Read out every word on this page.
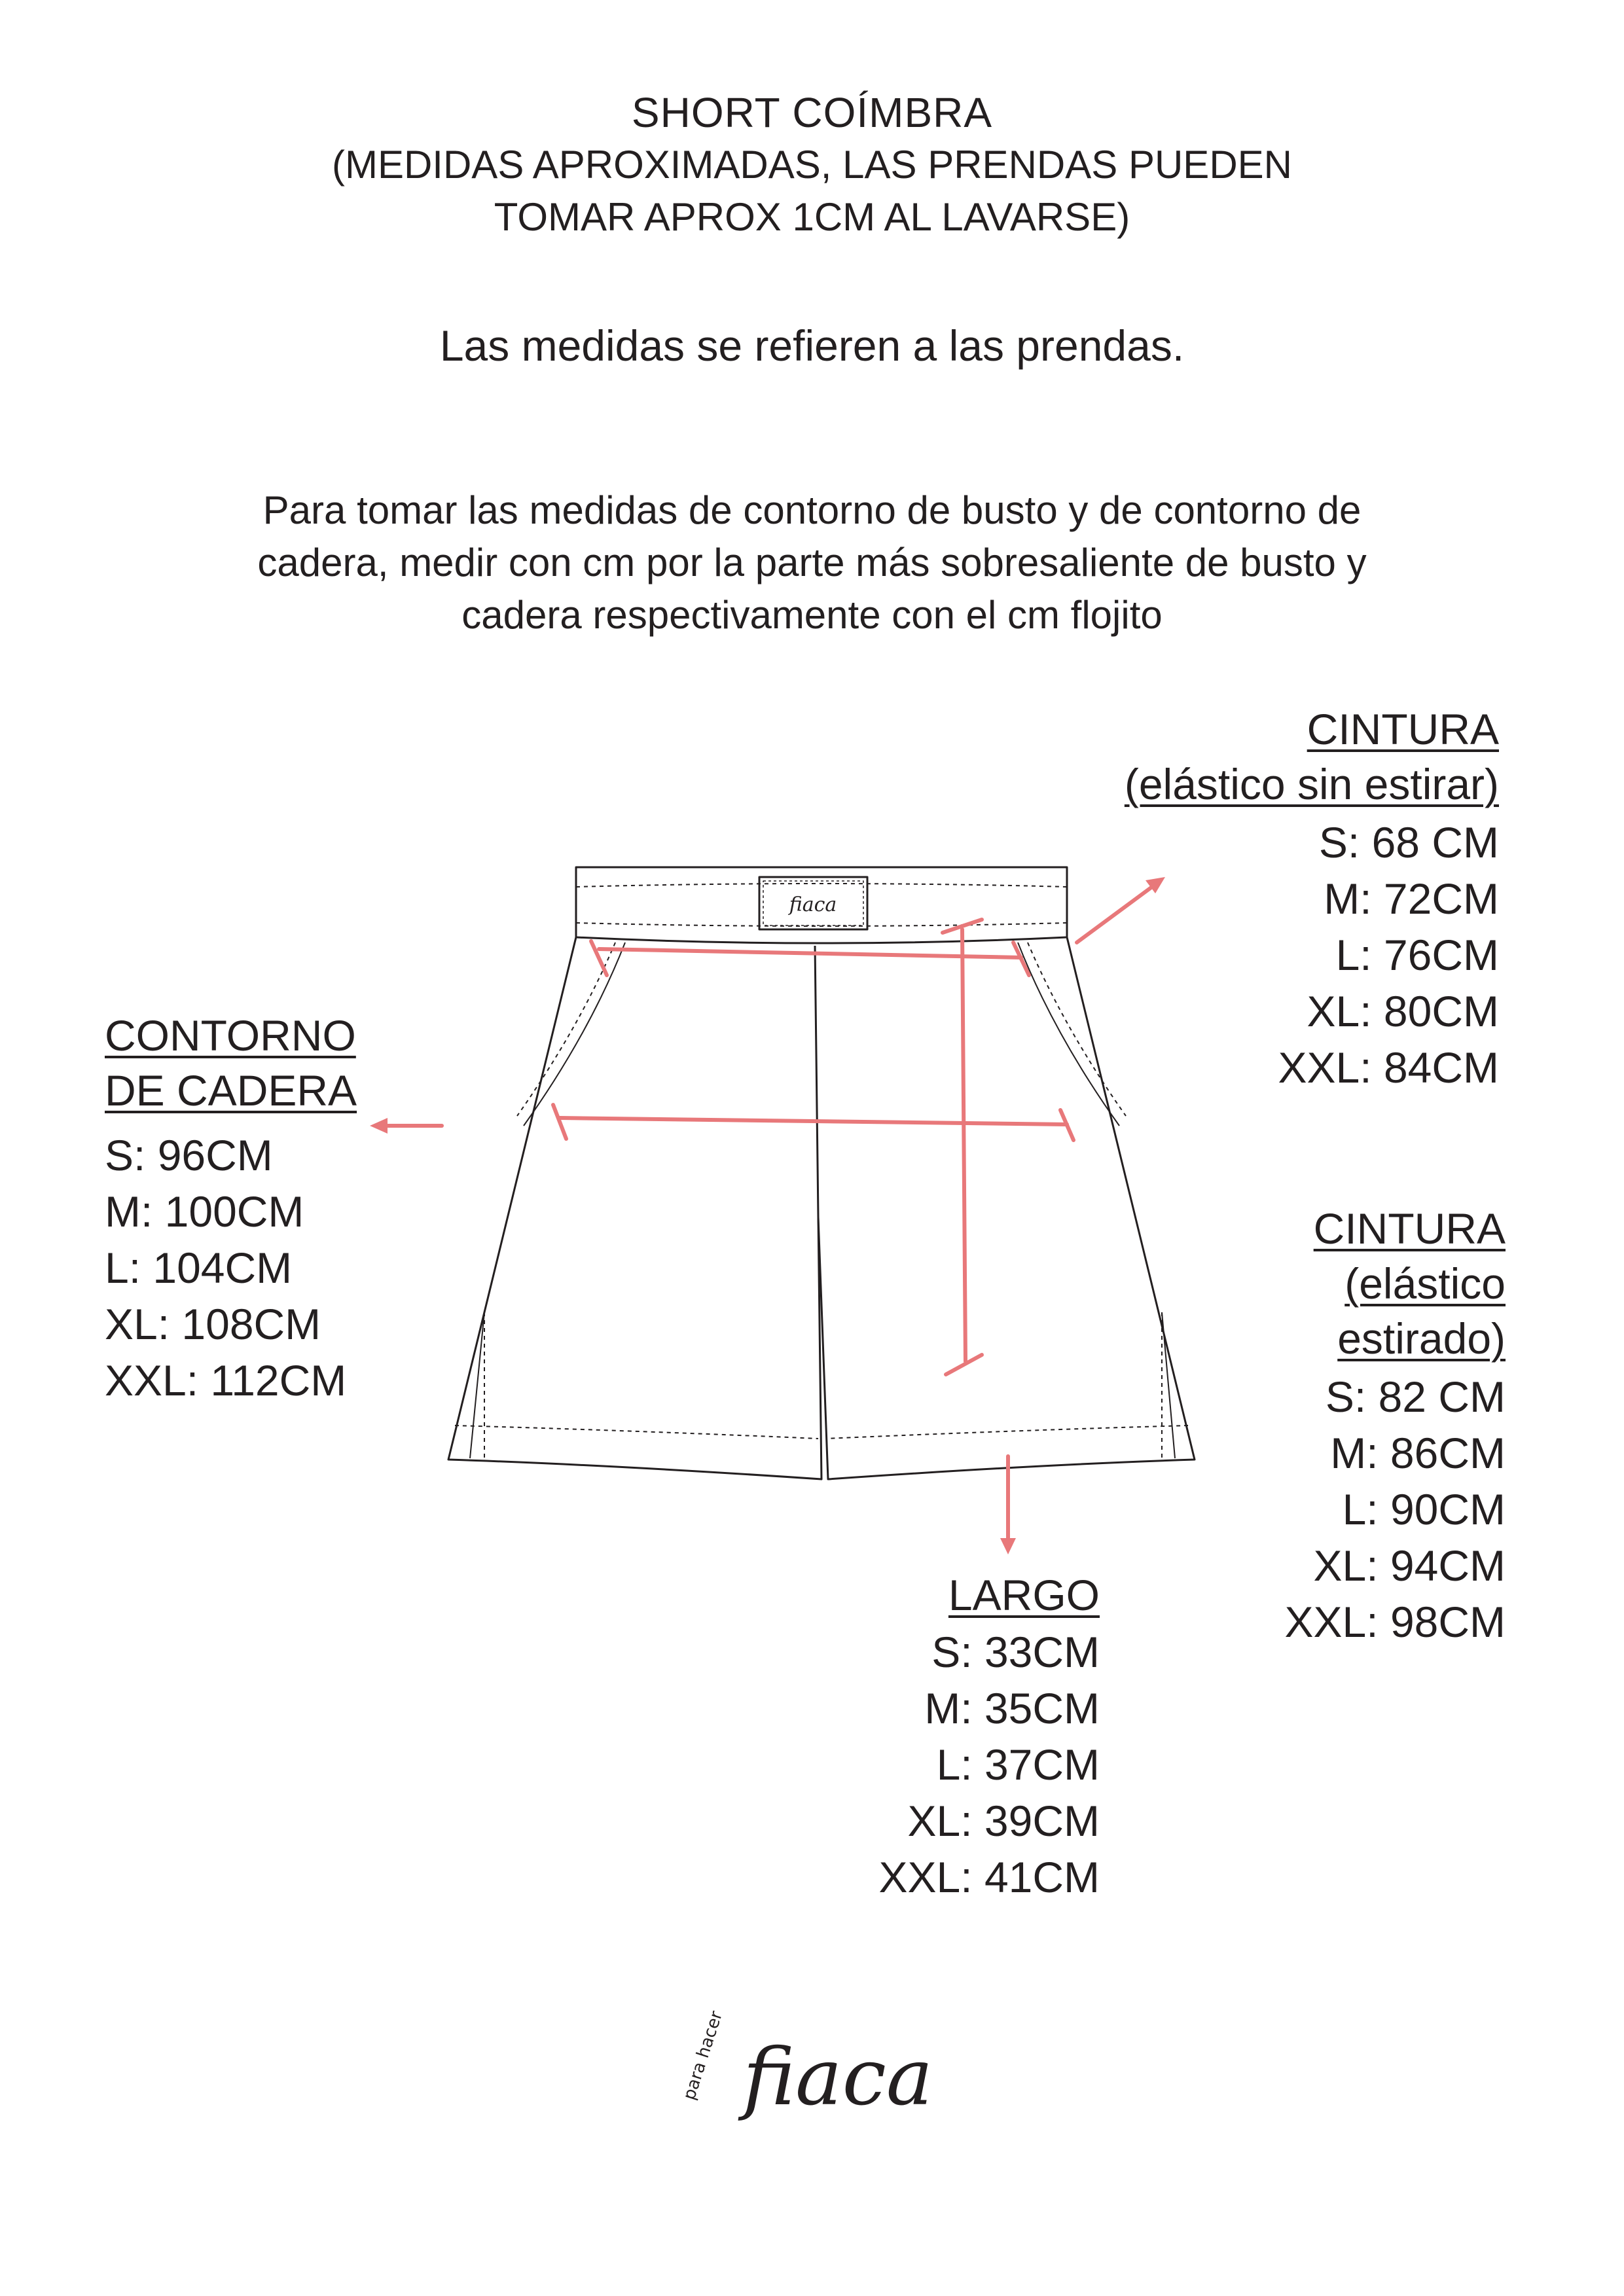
SHORT COÍMBRA
(MEDIDAS APROXIMADAS, LAS PRENDAS PUEDEN
TOMAR APROX 1CM AL LAVARSE)
Las medidas se refieren a las prendas.
Para tomar las medidas de contorno de busto y de contorno de
cadera, medir con cm por la parte más sobresaliente de busto y
cadera respectivamente con el cm flojito
fiaca
para hacer fiaca
CINTURA
(elástico sin estirar)
S: 68 CM
M: 72CM
L: 76CM
XL: 80CM
XXL: 84CM
CONTORNO
DE CADERA
S: 96CM
M: 100CM
L: 104CM
XL: 108CM
XXL: 112CM
CINTURA
(elástico
estirado)
S: 82 CM
M: 86CM
L: 90CM
XL: 94CM
XXL: 98CM
LARGO
S: 33CM
M: 35CM
L: 37CM
XL: 39CM
XXL: 41CM
